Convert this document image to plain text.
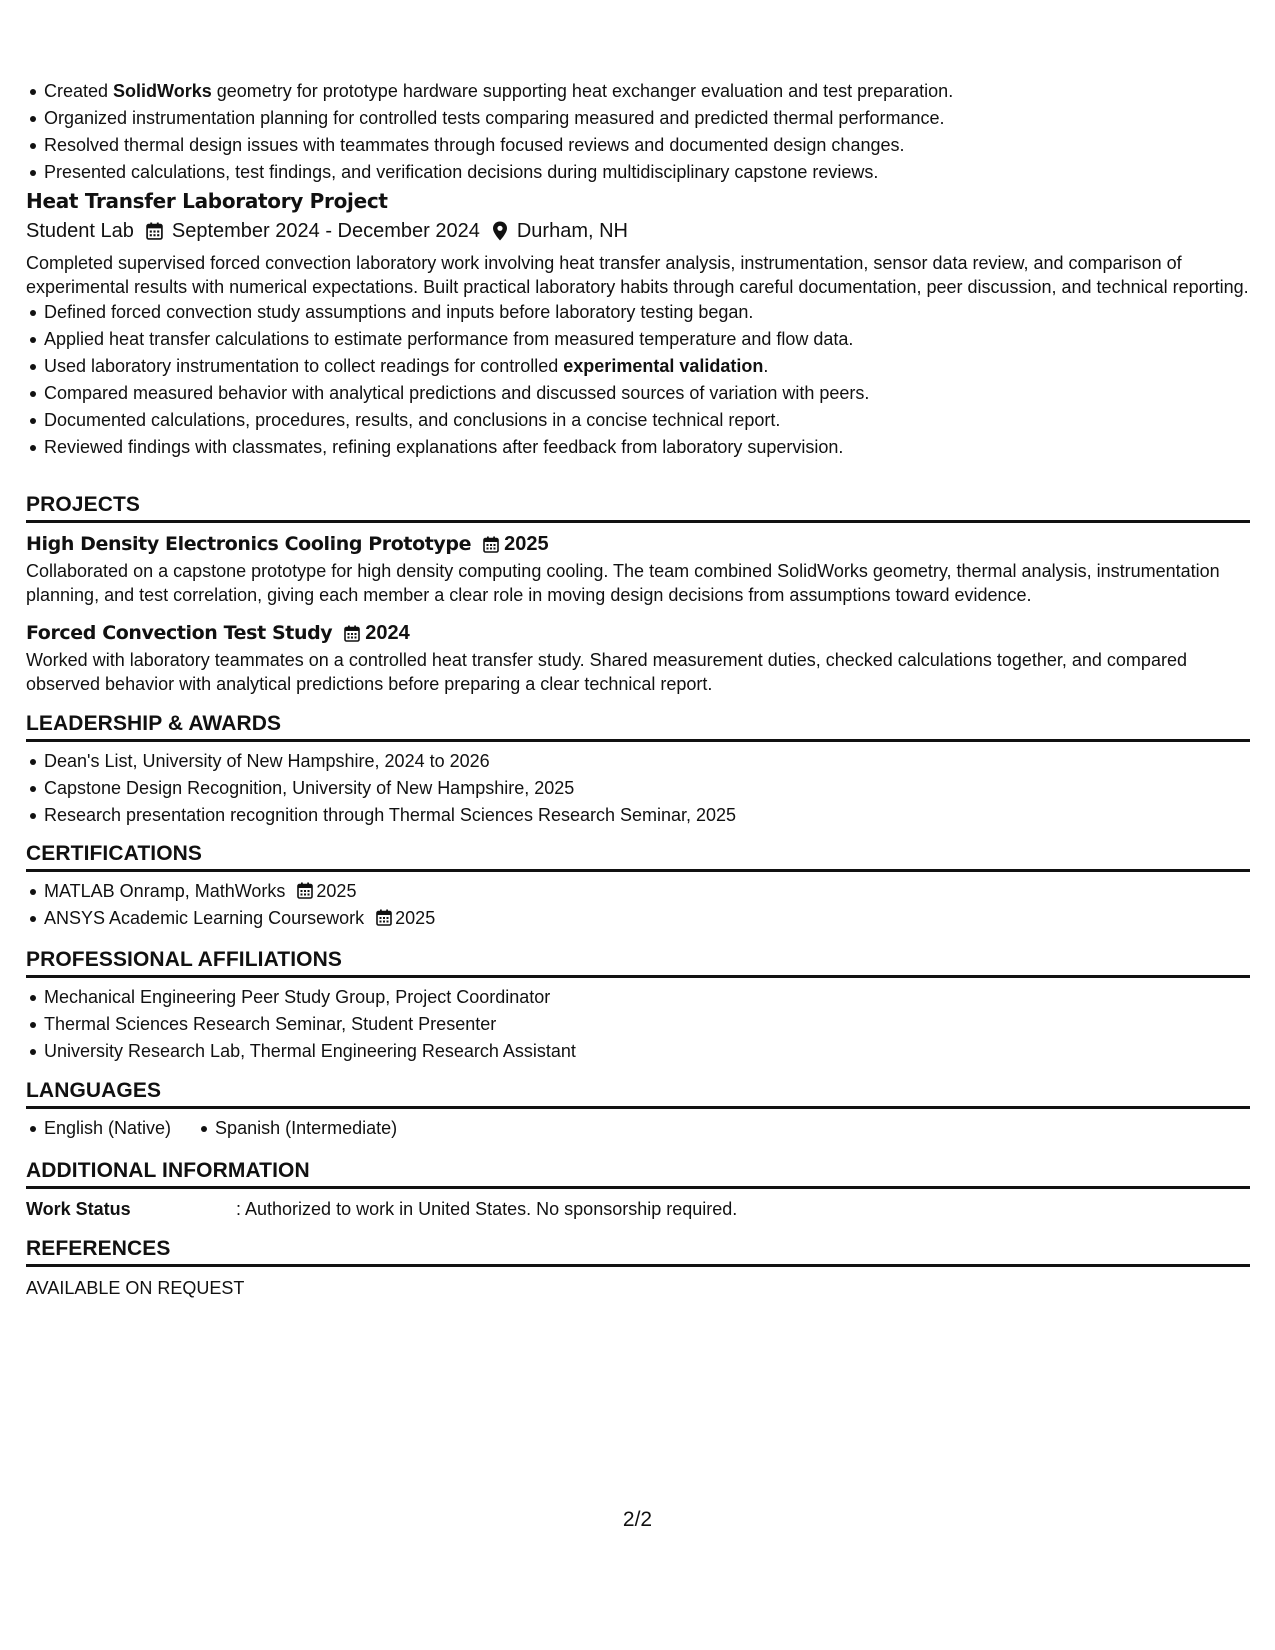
Created SolidWorks geometry for prototype hardware supporting heat exchanger evaluation and test preparation.
Organized instrumentation planning for controlled tests comparing measured and predicted thermal performance.
Resolved thermal design issues with teammates through focused reviews and documented design changes.
Presented calculations, test findings, and verification decisions during multidisciplinary capstone reviews.
Heat Transfer Laboratory Project
Student Lab September 2024 - December 2024 Durham, NH
Completed supervised forced convection laboratory work involving heat transfer analysis, instrumentation, sensor data review, and comparison of experimental results with numerical expectations. Built practical laboratory habits through careful documentation, peer discussion, and technical reporting.
Defined forced convection study assumptions and inputs before laboratory testing began.
Applied heat transfer calculations to estimate performance from measured temperature and flow data.
Used laboratory instrumentation to collect readings for controlled experimental validation.
Compared measured behavior with analytical predictions and discussed sources of variation with peers.
Documented calculations, procedures, results, and conclusions in a concise technical report.
Reviewed findings with classmates, refining explanations after feedback from laboratory supervision.
PROJECTS
High Density Electronics Cooling Prototype 2025
Collaborated on a capstone prototype for high density computing cooling. The team combined SolidWorks geometry, thermal analysis, instrumentation planning, and test correlation, giving each member a clear role in moving design decisions from assumptions toward evidence.
Forced Convection Test Study 2024
Worked with laboratory teammates on a controlled heat transfer study. Shared measurement duties, checked calculations together, and compared observed behavior with analytical predictions before preparing a clear technical report.
LEADERSHIP & AWARDS
Dean's List, University of New Hampshire, 2024 to 2026
Capstone Design Recognition, University of New Hampshire, 2025
Research presentation recognition through Thermal Sciences Research Seminar, 2025
CERTIFICATIONS
MATLAB Onramp, MathWorks 2025
ANSYS Academic Learning Coursework 2025
PROFESSIONAL AFFILIATIONS
Mechanical Engineering Peer Study Group, Project Coordinator
Thermal Sciences Research Seminar, Student Presenter
University Research Lab, Thermal Engineering Research Assistant
LANGUAGES
English (Native)	Spanish (Intermediate)
ADDITIONAL INFORMATION
Work Status	: Authorized to work in United States. No sponsorship required.
REFERENCES
AVAILABLE ON REQUEST
2/2
